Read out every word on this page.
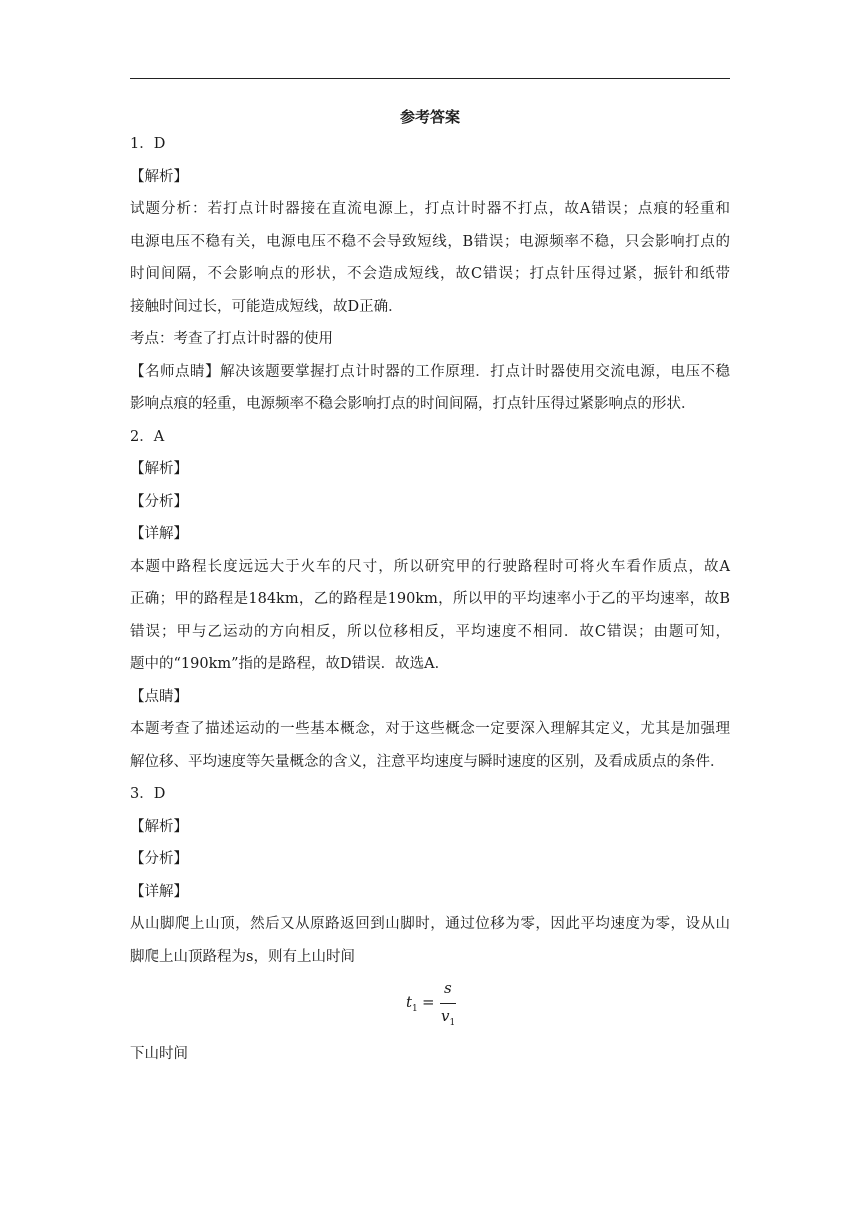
参考答案

1．D

【解析】

试题分析：若打点计时器接在直流电源上，打点计时器不打点，故A错误；点痕的轻重和

电源电压不稳有关，电源电压不稳不会导致短线，B错误；电源频率不稳，只会影响打点的

时间间隔，不会影响点的形状，不会造成短线，故C错误；打点针压得过紧，振针和纸带

接触时间过长，可能造成短线，故D正确．

考点：考查了打点计时器的使用

【名师点睛】解决该题要掌握打点计时器的工作原理．打点计时器使用交流电源，电压不稳

影响点痕的轻重，电源频率不稳会影响打点的时间间隔，打点针压得过紧影响点的形状．

2．A

【解析】

【分析】

【详解】

本题中路程长度远远大于火车的尺寸，所以研究甲的行驶路程时可将火车看作质点，故A

正确；甲的路程是184km，乙的路程是190km，所以甲的平均速率小于乙的平均速率，故B

错误；甲与乙运动的方向相反，所以位移相反，平均速度不相同．故C错误；由题可知，

题中的“190km”指的是路程，故D错误．故选A．

【点睛】

本题考查了描述运动的一些基本概念，对于这些概念一定要深入理解其定义，尤其是加强理

解位移、平均速度等矢量概念的含义，注意平均速度与瞬时速度的区别，及看成质点的条件．

3．D

【解析】

【分析】

【详解】

从山脚爬上山顶，然后又从原路返回到山脚时，通过位移为零，因此平均速度为零，设从山

脚爬上山顶路程为s，则有上山时间

$t_1$ =
s
$v_1$

下山时间
